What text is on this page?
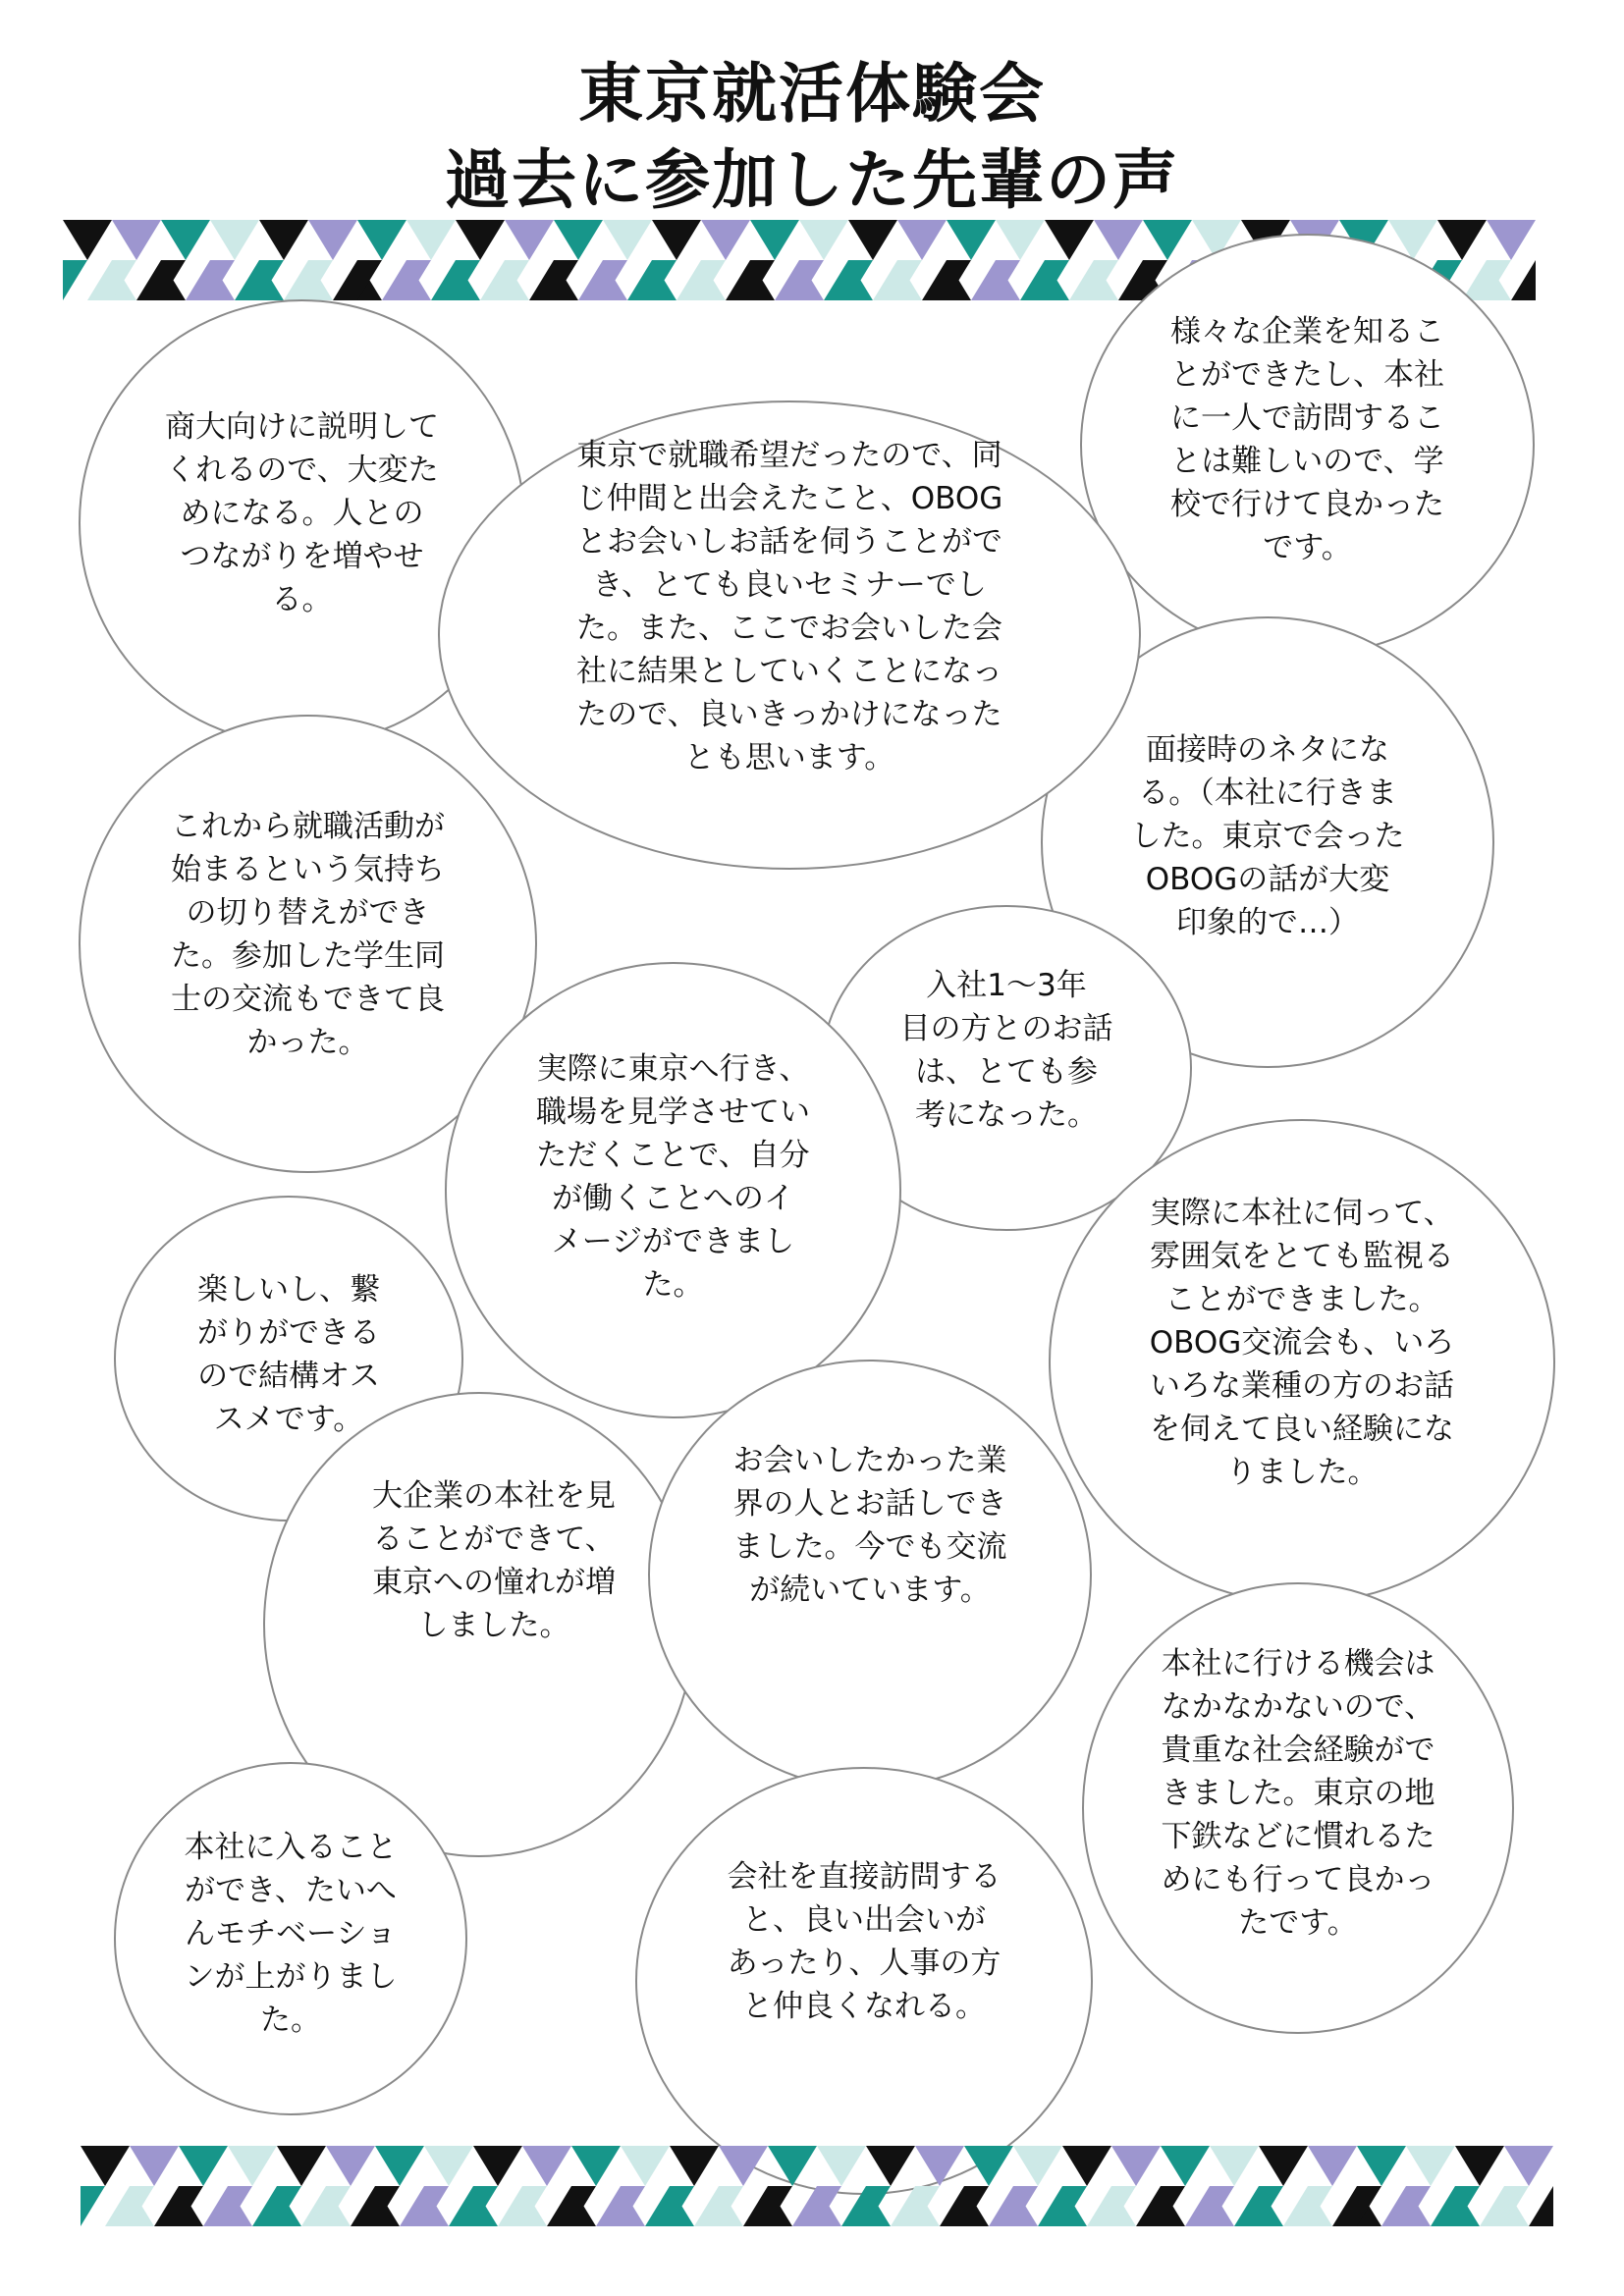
東京就活体験会
過去に参加した先輩の声
商大向けに説明して
くれるので、大変た
めになる。人との
つながりを増やせ
る。
様々な企業を知るこ
とができたし、本社
に一人で訪問するこ
とは難しいので、学
校で行けて良かった
です。
面接時のネタにな
る。（本社に行きま
した。東京で会った
OBOGの話が大変
印象的で…）
東京で就職希望だったので、同
じ仲間と出会えたこと、OBOG
とお会いしお話を伺うことがで
き、とても良いセミナーでし
た。また、ここでお会いした会
社に結果としていくことになっ
たので、良いきっかけになった
とも思います。
これから就職活動が
始まるという気持ち
の切り替えができ
た。参加した学生同
士の交流もできて良
かった。
入社1～3年
目の方とのお話
は、とても参
考になった。
実際に東京へ行き、
職場を見学させてい
ただくことで、自分
が働くことへのイ
メージができまし
た。
楽しいし、繋
がりができる
ので結構オス
スメです。
実際に本社に伺って、
雰囲気をとても監視る
ことができました。
OBOG交流会も、いろ
いろな業種の方のお話
を伺えて良い経験にな
りました。
大企業の本社を見
ることができて、
東京への憧れが増
しました。
お会いしたかった業
界の人とお話しでき
ました。今でも交流
が続いています。
本社に行ける機会は
なかなかないので、
貴重な社会経験がで
きました。東京の地
下鉄などに慣れるた
めにも行って良かっ
たです。
本社に入ること
ができ、たいへ
んモチベーショ
ンが上がりまし
た。
会社を直接訪問する
と、良い出会いが
あったり、人事の方
と仲良くなれる。
